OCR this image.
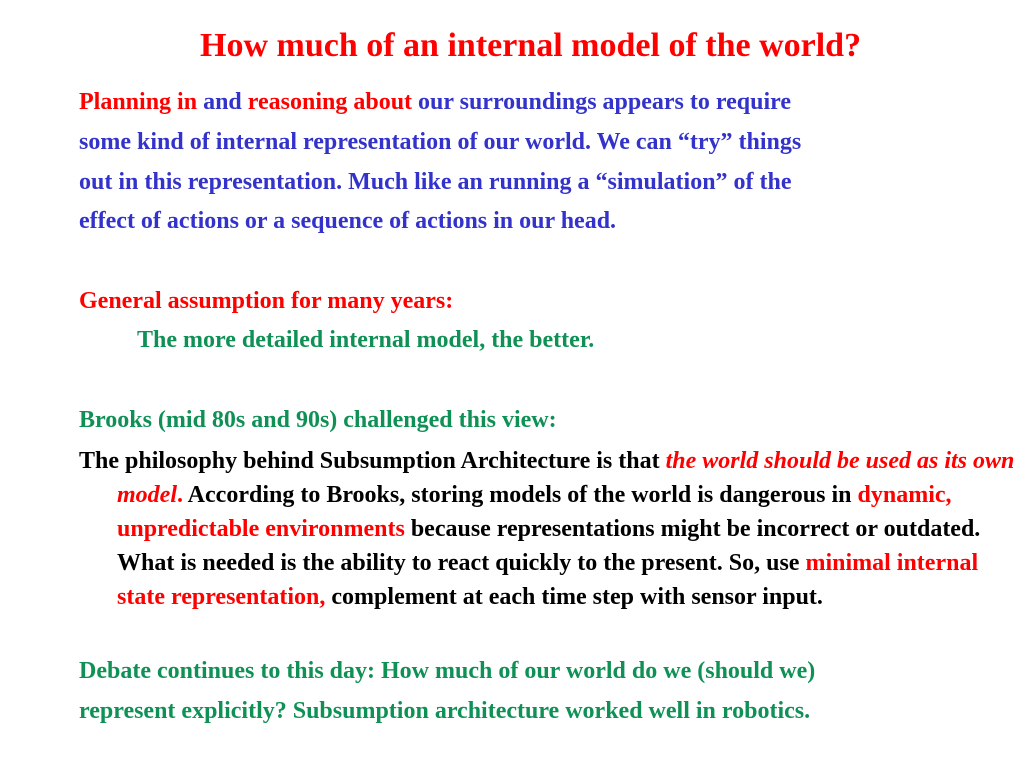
How much of an internal model of the world?
Planning in and reasoning about our surroundings appears to require
some kind of internal representation of our world. We can “try” things
out in this representation. Much like an running a “simulation” of the
effect of actions or a sequence of actions in our head.
General assumption for many years:
The more detailed internal model, the better.
Brooks (mid 80s and 90s) challenged this view:
The philosophy behind Subsumption Architecture is that the world should be used as its own model. According to Brooks, storing models of the world is dangerous in dynamic, unpredictable environments because representations might be incorrect or outdated. What is needed is the ability to react quickly to the present. So, use minimal internal state representation, complement at each time step with sensor input.
Debate continues to this day: How much of our world do we (should we)
represent explicitly? Subsumption architecture worked well in robotics.
